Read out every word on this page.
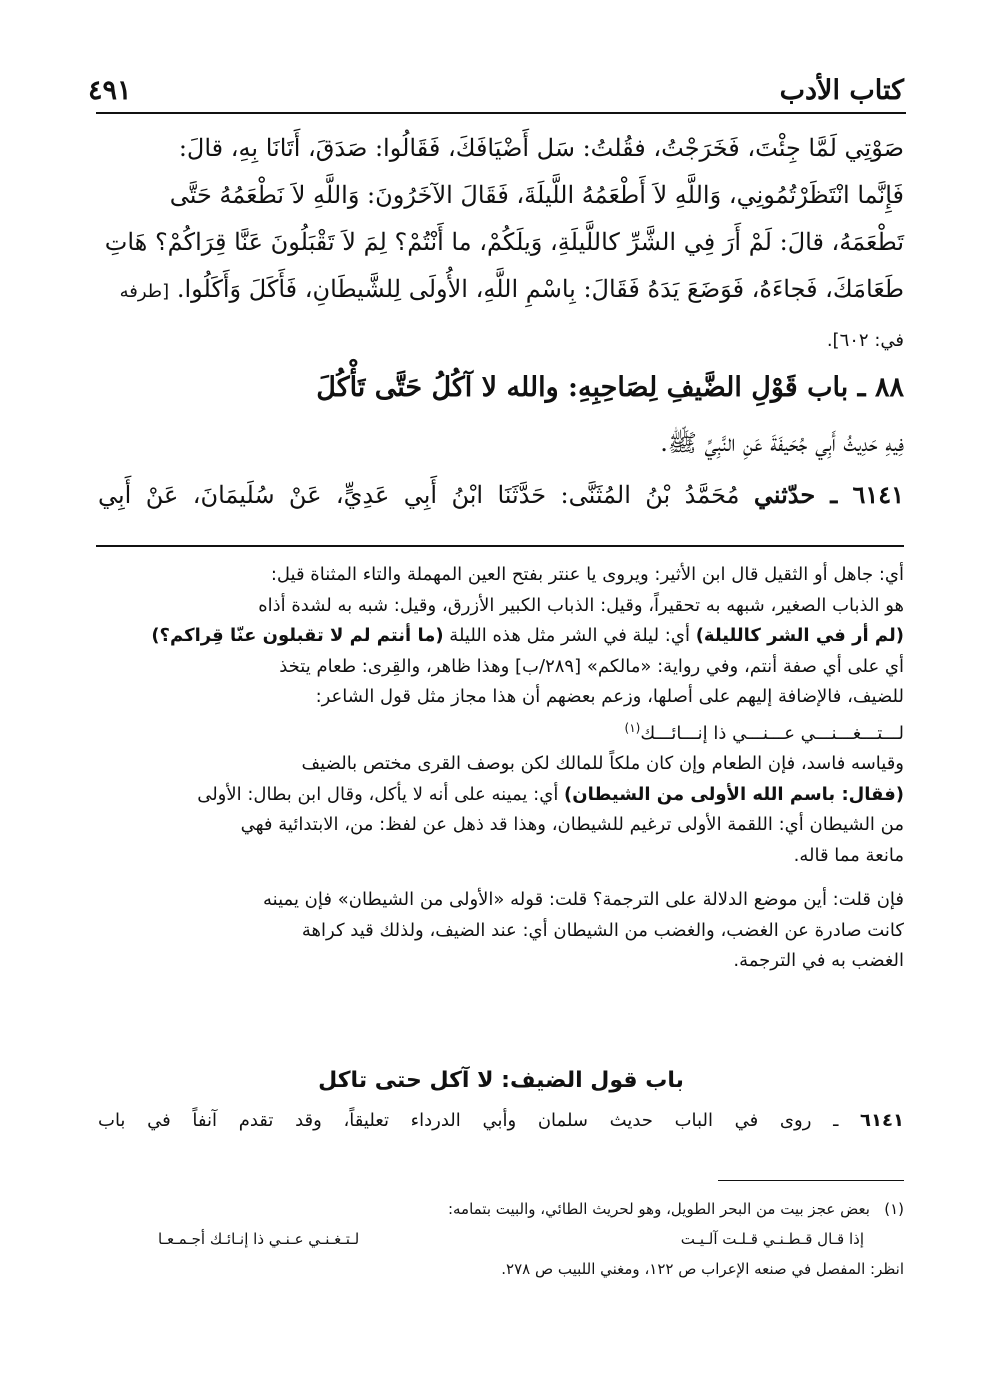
كتاب الأدب
٤٩١

صَوْتِي لَمَّا جِئْتَ، فَخَرَجْتُ، فقُلتُ: سَل أَضْيَافَكَ، فَقَالُوا: صَدَقَ، أَتَانَا بِهِ، قالَ:

فَإِنَّما انْتَظَرْتُمُونِي، وَاللَّهِ لاَ أَطْعَمُهُ اللَّيلَةَ، فَقَالَ الآخَرُونَ: وَاللَّهِ لاَ نَطْعَمُهُ حَتَّى

تَطْعَمَهُ، قالَ: لَمْ أَرَ فِي الشَّرِّ كاللَّيلَةِ، وَيلَكُمْ، ما أَنْتُمْ؟ لِمَ لاَ تَقْبَلُونَ عَنَّا قِرَاكُمْ؟ هَاتِ

طَعَامَكَ، فَجاءَهُ، فَوَضَعَ يَدَهُ فَقَالَ: بِاسْمِ اللَّهِ، الأُولَى لِلشَّيطَانِ، فَأَكَلَ وَأَكَلُوا. [طرفه

في: ٦٠٢].

٨٨ ـ باب قَوْلِ الضَّيفِ لِصَاحِبِهِ: والله لا آكُلُ حَتَّى تَأْكُلَ
فِيهِ حَدِيثُ أَبِي جُحَيفَةَ عَنِ النَّبِيِّ ﷺ.
٦١٤١ ـ حدّثني مُحَمَّدُ بْنُ المُثَنَّى: حَدَّثَنَا ابْنُ أَبِي عَدِيٍّ، عَنْ سُلَيمَانَ، عَنْ أَبِي

أي: جاهل أو الثقيل قال ابن الأثير: ويروى يا عنتر بفتح العين المهملة والتاء المثناة قيل:

هو الذباب الصغير، شبهه به تحقيراً، وقيل: الذباب الكبير الأزرق، وقيل: شبه به لشدة أذاه

(لم أر في الشر كالليلة) أي: ليلة في الشر مثل هذه الليلة (ما أنتم لم لا تقبلون عنّا قِراكم؟)

أي على أي صفة أنتم، وفي رواية: «مالكم» [٢٨٩/ب] وهذا ظاهر، والقِرى: طعام يتخذ

للضيف، فالإضافة إليهم على أصلها، وزعم بعضهم أن هذا مجاز مثل قول الشاعر:

لـــتـــغـــنـــي عـــنـــي ذا إنـــائـــك$^{(١)}$

وقياسه فاسد، فإن الطعام وإن كان ملكاً للمالك لكن بوصف القرى مختص بالضيف

(فقال: باسم الله الأولى من الشيطان) أي: يمينه على أنه لا يأكل، وقال ابن بطال: الأولى

من الشيطان أي: اللقمة الأولى ترغيم للشيطان، وهذا قد ذهل عن لفظ: من، الابتدائية فهي

مانعة مما قاله.

فإن قلت: أين موضع الدلالة على الترجمة؟ قلت: قوله «الأولى من الشيطان» فإن يمينه

كانت صادرة عن الغضب، والغضب من الشيطان أي: عند الضيف، ولذلك قيد كراهة

الغضب به في الترجمة.

باب قول الضيف: لا آكل حتى تاكل
٦١٤١ ـ روى في الباب حديث سلمان وأبي الدرداء تعليقاً، وقد تقدم آنفاً في باب

(١)   بعض عجز بيت من البحر الطويل، وهو لحريث الطائي، والبيت بتمامه:

إذا قـال قـطـنـي قـلـت آلـيـت
لـتـغـنـي عـنـي ذا إنـائـك أجـمـعـا

انظر: المفصل في صنعه الإعراب ص ١٢٢، ومغني اللبيب ص ٢٧٨.
